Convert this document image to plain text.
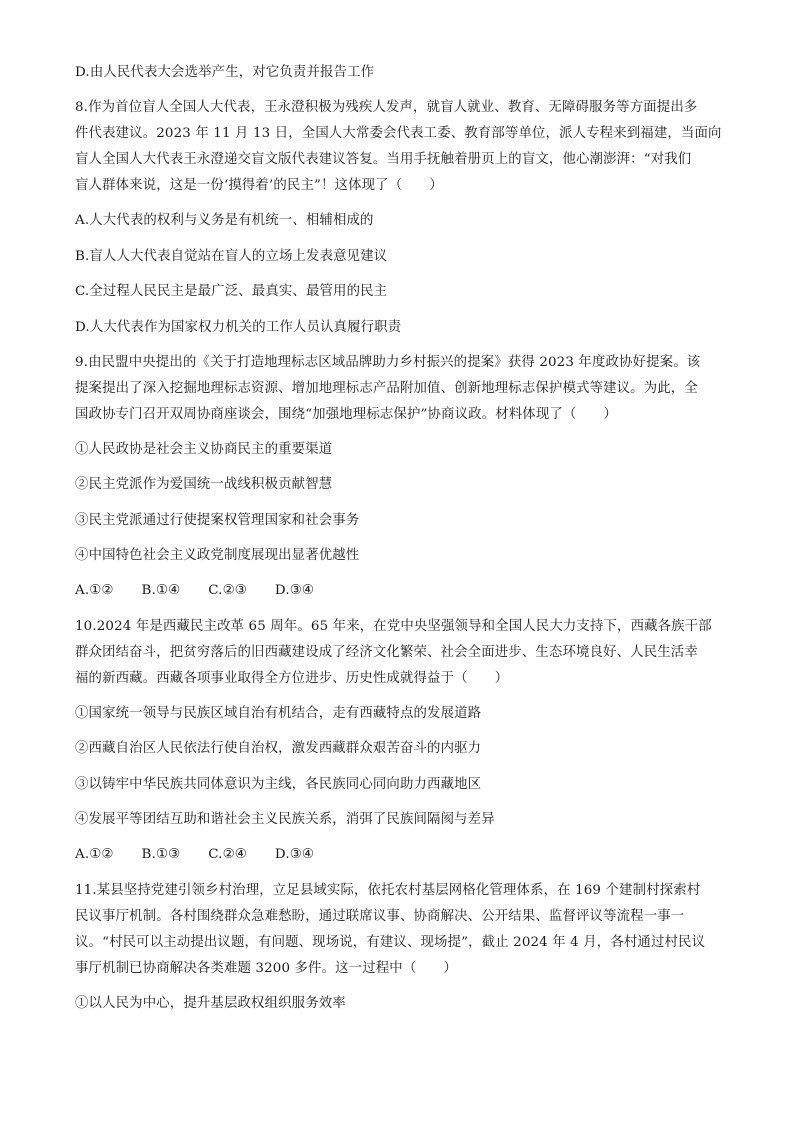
D.由人民代表大会选举产生，对它负责并报告工作
8.作为首位盲人全国人大代表，王永澄积极为残疾人发声，就盲人就业、教育、无障碍服务等方面提出多
件代表建议。2023 年 11 月 13 日，全国人大常委会代表工委、教育部等单位，派人专程来到福建，当面向
盲人全国人大代表王永澄递交盲文版代表建议答复。当用手抚触着册页上的盲文，他心潮澎湃：“对我们
盲人群体来说，这是一份‘摸得着’的民主”！这体现了（　　）
A.人大代表的权利与义务是有机统一、相辅相成的
B.盲人人大代表自觉站在盲人的立场上发表意见建议
C.全过程人民民主是最广泛、最真实、最管用的民主
D.人大代表作为国家权力机关的工作人员认真履行职责
9.由民盟中央提出的《关于打造地理标志区域品牌助力乡村振兴的提案》获得 2023 年度政协好提案。该
提案提出了深入挖掘地理标志资源、增加地理标志产品附加值、创新地理标志保护模式等建议。为此，全
国政协专门召开双周协商座谈会，围绕“加强地理标志保护”协商议政。材料体现了（　　）
①人民政协是社会主义协商民主的重要渠道
②民主党派作为爱国统一战线积极贡献智慧
③民主党派通过行使提案权管理国家和社会事务
④中国特色社会主义政党制度展现出显著优越性
A.①② B.①④ C.②③ D.③④
10.2024 年是西藏民主改革 65 周年。65 年来，在党中央坚强领导和全国人民大力支持下，西藏各族干部
群众团结奋斗，把贫穷落后的旧西藏建设成了经济文化繁荣、社会全面进步、生态环境良好、人民生活幸
福的新西藏。西藏各项事业取得全方位进步、历史性成就得益于（　　）
①国家统一领导与民族区域自治有机结合，走有西藏特点的发展道路
②西藏自治区人民依法行使自治权，激发西藏群众艰苦奋斗的内驱力
③以铸牢中华民族共同体意识为主线，各民族同心同向助力西藏地区
④发展平等团结互助和谐社会主义民族关系，消弭了民族间隔阂与差异
A.①② B.①③ C.②④ D.③④
11.某县坚持党建引领乡村治理，立足县域实际，依托农村基层网格化管理体系，在 169 个建制村探索村
民议事厅机制。各村围绕群众急难愁盼，通过联席议事、协商解决、公开结果、监督评议等流程一事一
议。“村民可以主动提出议题，有问题、现场说，有建议、现场提”，截止 2024 年 4 月，各村通过村民议
事厅机制已协商解决各类难题 3200 多件。这一过程中（　　）
①以人民为中心，提升基层政权组织服务效率
